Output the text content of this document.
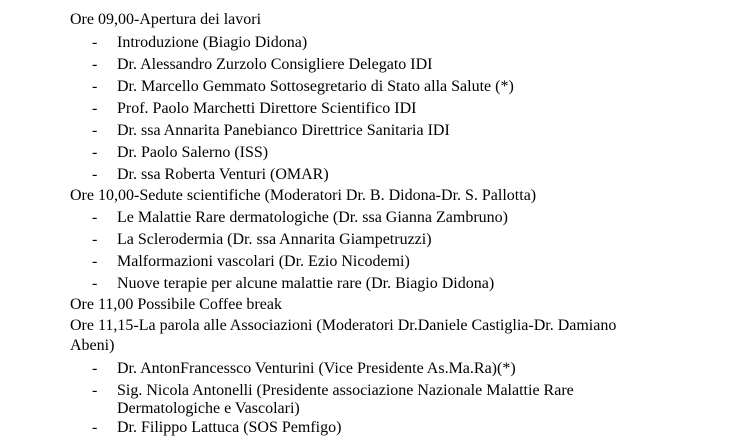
Ore 09,00-Apertura dei lavori
- Introduzione (Biagio Didona)
- Dr. Alessandro Zurzolo Consigliere Delegato IDI
- Dr. Marcello Gemmato Sottosegretario di Stato alla Salute (*)
- Prof. Paolo Marchetti Direttore Scientifico IDI
- Dr. ssa Annarita Panebianco Direttrice Sanitaria IDI
- Dr. Paolo Salerno (ISS)
- Dr. ssa Roberta Venturi (OMAR)
Ore 10,00-Sedute scientifiche (Moderatori Dr. B. Didona-Dr. S. Pallotta)
- Le Malattie Rare dermatologiche (Dr. ssa Gianna Zambruno)
- La Sclerodermia (Dr. ssa Annarita Giampetruzzi)
- Malformazioni vascolari (Dr. Ezio Nicodemi)
- Nuove terapie per alcune malattie rare (Dr. Biagio Didona)
Ore 11,00 Possibile Coffee break
Ore 11,15-La parola alle Associazioni (Moderatori Dr.Daniele Castiglia-Dr. Damiano
Abeni)
- Dr. AntonFrancessco Venturini (Vice Presidente As.Ma.Ra)(*)
- Sig. Nicola Antonelli (Presidente associazione Nazionale Malattie Rare
Dermatologiche e Vascolari)
- Dr. Filippo Lattuca (SOS Pemfigo)
